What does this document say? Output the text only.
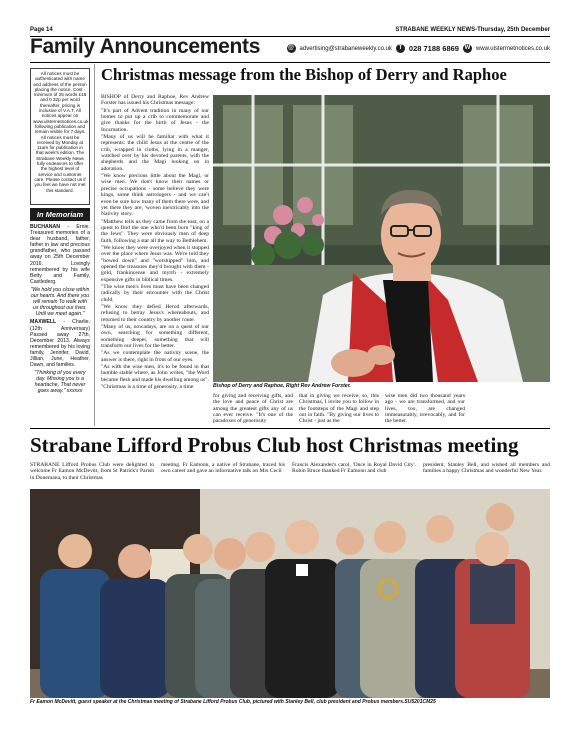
Page 14	STRABANE WEEKLY NEWS-Thursday, 25th December
Family Announcements	@ advertising@strabaneweekly.co.uk	T 028 7188 6869 W www.ulstermetnotices.co.uk
All notices must be authenticated with name and address of the person placing the notice. Cost - minimum of 25 words £15 and 0.32p per word thereafter, pricing is inclusive of V.A.T. All notices appear on www.ulsternetnotices.co.uk following publication and remain visible for 7 days. All notices must be received by Monday at 11am for publication in that week's edition. The Strabane Weekly News fully endeavors to offer the highest level of service and customer care. Please contact us if you feel we have not met this standard.
In Memoriam

BUCHANAN - Ernie. Treasured memories of a dear husband, father, father in law and precious grandfather, who passed away on 25th December 2016. Lovingly remembered by his wife Betty and Family, Castlederg.

"We hold you close within our hearts. And there you will remain To walk with us throughout our lives. Until we meet again."

MAXWELL - Charlie. (12th Anniversary) Passed away 27th, December 2013. Always remembered by his loving family, Jennifer, David, Jillian, June, Heather, Dawn, and families.

"Thinking of you every day. Missing you is a heartache, That never goes away." xxxxxx

Christmas message from the Bishop of Derry and Raphoe

BISHOP of Derry and Raphoe, Rev Andrew Forster has issued his Christmas message:

"It's part of Advent tradition in many of our homes to put up a crib to commemorate and give thanks for the birth of Jesus - the Incarnation.

"Many of us will be familiar with what it represents: the child Jesus at the centre of the crib, wrapped in cloths, lying in a manger, watched over by his devoted parents, with the shepherds and the Magi looking on in adoration.

"We know precious little about the Magi, or wise men. We don't know their names or precise occupations - some believe they were kings, some think astrologers - and we can't even be sure how many of them there were, and yet there they are, 'woven inextricably into the Nativity story.

"Matthew tells us they came from the east, on a quest to find the one who'd been born "king of the Jews". They were obviously men of deep faith, following a star all the way to Bethlehem.

"We know they were overjoyed when it stopped over the place where Jesus was. We're told they "bowed down" and "worshipped" him, and opened the treasures they'd brought with them - gold, frankincense and myrrh - extremely expensive gifts in biblical times.

"The wise men's lives must have been changed radically by their encounter with the Christ child.

"We know they defied Herod afterwards, refusing to betray Jesus's whereabouts, and returned to their country by another route.

"Many of us, nowadays, are on a quest of our own, searching for something different, something deeper, something that will transform our lives for the better.

"As we contemplate the nativity scene, the answer is there, right in front of our eyes.

"As with the wise men, it's to be found in that humble stable where, as John writes, "the Word became flesh and made his dwelling among us".

"Christmas is a time of generosity, a time	Bishop of Derry and Raphoe, Right Rev Andrew Forster.
for giving and receiving gifts, and the love and peace of Christ are among the greatest gifts any of us can ever receive. "It's one of the paradoxes of generosity
that in giving we receive, so, this Christmas, I invite you to follow in the footsteps of the Magi and step out in faith. "By giving our lives to Christ - just as the
wise men did two thousand years ago - we are transformed, and our lives, too, are changed immeasurably, irrevocably, and for the better.
Strabane Lifford Probus Club host Christmas meeting
STRABANE Lifford Probus Club were delighted to welcome Fr Eamon McDevitt, from St Patrick's Parish in Donemana, to their Christmas
meeting. Fr Eamonn, a native of Strabane, traced his own career and gave an informative talk on Mrs Cecil
Francis Alexander's carol, 'Once in Royal David City'. Robin Bruce thanked Fr Eamonn and club
president, Stanley Bell, and wished all members and families a happy Christmas and wonderful New Year.
Fr Eamon McDevitt, guest speaker at the Christmas meeting of Strabane Lifford Probus Club, pictured with Stanley Bell, club president and Probus members.SU5201CM25
